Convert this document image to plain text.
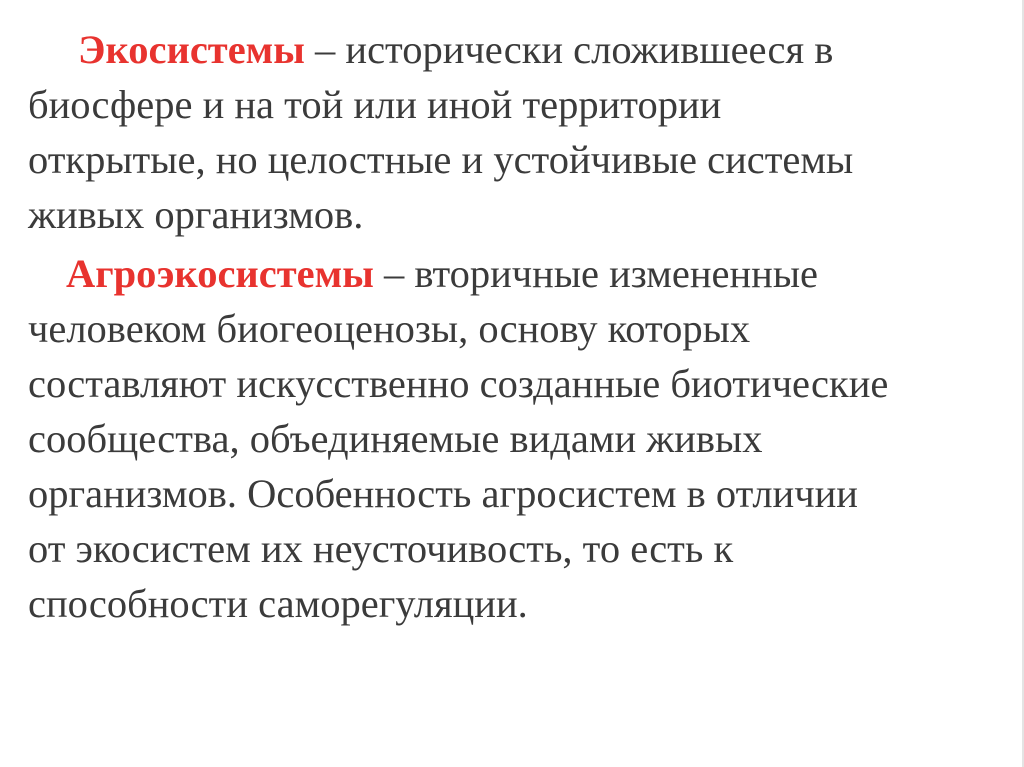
Экосистемы – исторически сложившееся в
биосфере и на той или иной территории
открытые, но целостные и устойчивые системы
живых организмов.

Агроэкосистемы – вторичные измененные
человеком биогеоценозы, основу которых
составляют искусственно созданные биотические
сообщества, объединяемые видами живых
организмов. Особенность агросистем в отличии
от экосистем их неусточивость, то есть к
способности саморегуляции.
